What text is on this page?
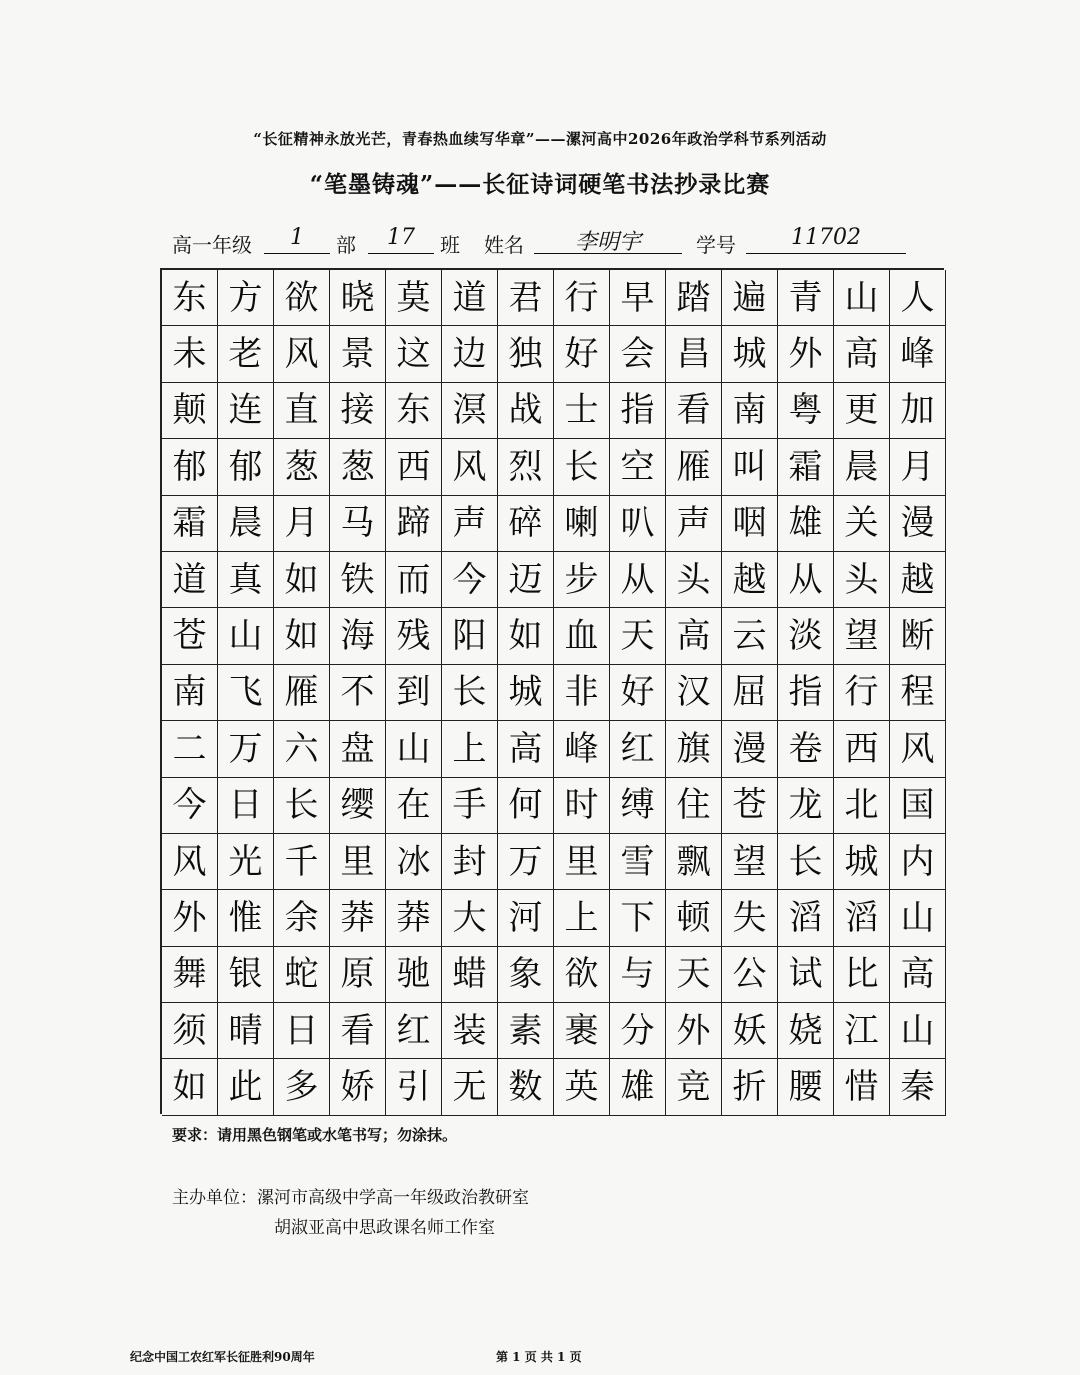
“长征精神永放光芒，青春热血续写华章”——漯河高中2026年政治学科节系列活动
“笔墨铸魂”——长征诗词硬笔书法抄录比赛
高一年级	1	部	17	班 姓名	李明宇	学号	11702
东 方 欲 晓 莫 道 君 行 早 踏 遍 青 山 人
未 老 风 景 这 边 独 好 会 昌 城 外 高 峰
颠 连 直 接 东 溟 战 士 指 看 南 粤 更 加
郁 郁 葱 葱 西 风 烈 长 空 雁 叫 霜 晨 月
霜 晨 月 马 蹄 声 碎 喇 叭 声 咽 雄 关 漫
道 真 如 铁 而 今 迈 步 从 头 越 从 头 越
苍 山 如 海 残 阳 如 血 天 高 云 淡 望 断
南 飞 雁 不 到 长 城 非 好 汉 屈 指 行 程
二 万 六 盘 山 上 高 峰 红 旗 漫 卷 西 风
今 日 长 缨 在 手 何 时 缚 住 苍 龙 北 国
风 光 千 里 冰 封 万 里 雪 飘 望 长 城 内
外 惟 余 莽 莽 大 河 上 下 顿 失 滔 滔 山
舞 银 蛇 原 驰 蜡 象 欲 与 天 公 试 比 高
须 晴 日 看 红 装 素 裹 分 外 妖 娆 江 山
如 此 多 娇 引 无 数 英 雄 竞 折 腰 惜 秦
要求：请用黑色钢笔或水笔书写；勿涂抹。
主办单位：漯河市高级中学高一年级政治教研室
胡淑亚高中思政课名师工作室
纪念中国工农红军长征胜利90周年	第 1 页 共 1 页
